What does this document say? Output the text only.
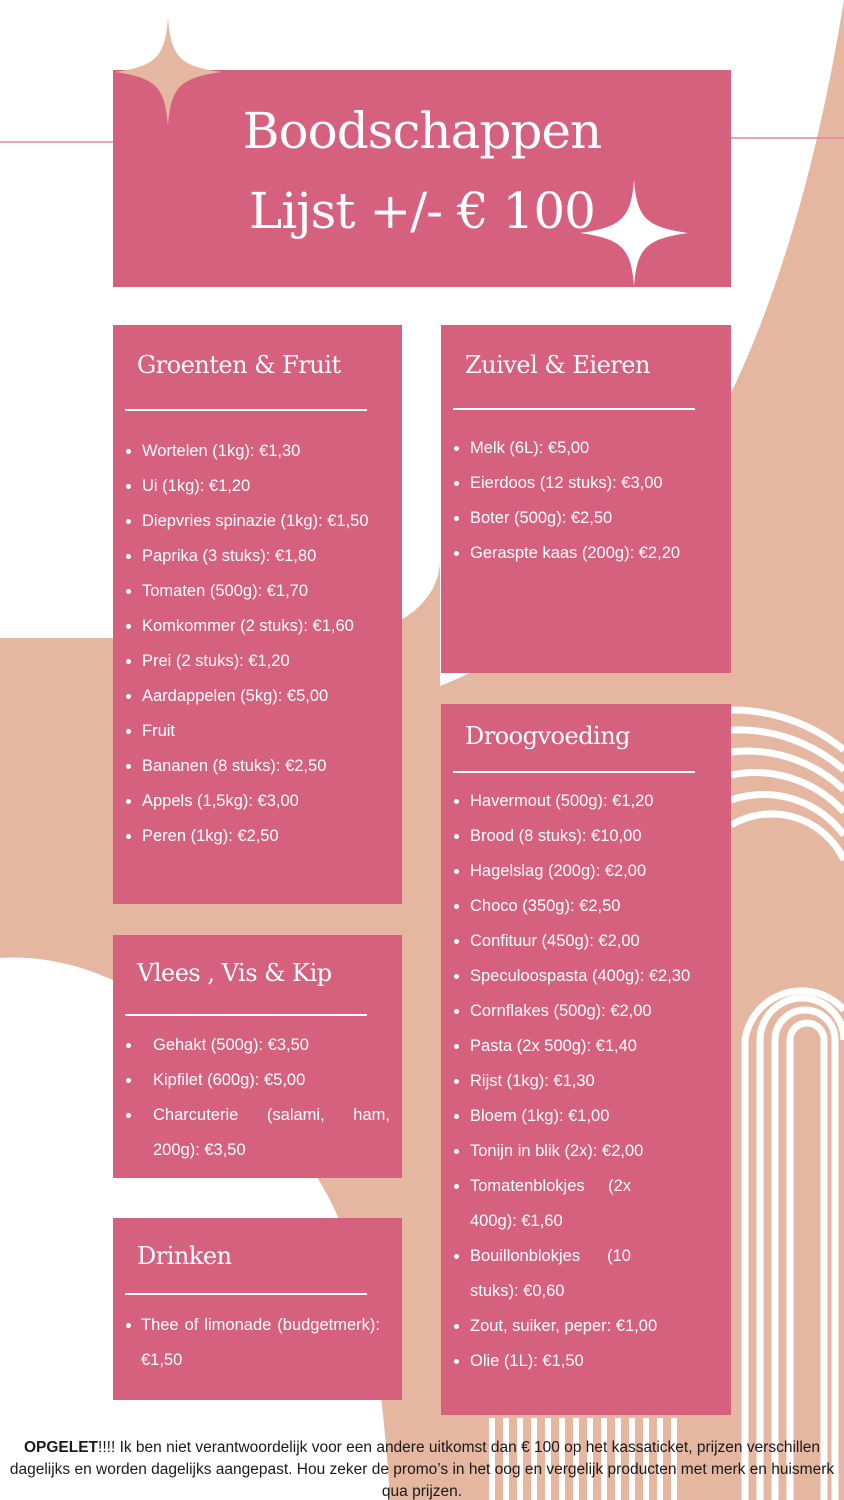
Boodschappen
Lijst +/- € 100
Groenten & Fruit
Wortelen (1kg): €1,30
Ui (1kg): €1,20
Diepvries spinazie (1kg): €1,50
Paprika (3 stuks): €1,80
Tomaten (500g): €1,70
Komkommer (2 stuks): €1,60
Prei (2 stuks): €1,20
Aardappelen (5kg): €5,00
Fruit
Bananen (8 stuks): €2,50
Appels (1,5kg): €3,00
Peren (1kg): €2,50
Zuivel & Eieren
Melk (6L): €5,00
Eierdoos (12 stuks): €3,00
Boter (500g): €2,50
Geraspte kaas (200g): €2,20
Vlees , Vis & Kip
Gehakt (500g): €3,50
Kipfilet (600g): €5,00
Charcuterie (salami, ham, 200g): €3,50
Drinken
Thee of limonade (budgetmerk): €1,50
Droogvoeding
Havermout (500g): €1,20
Brood (8 stuks): €10,00
Hagelslag (200g): €2,00
Choco (350g): €2,50
Confituur (450g): €2,00
Speculoospasta (400g): €2,30
Cornflakes (500g): €2,00
Pasta (2x 500g): €1,40
Rijst (1kg): €1,30
Bloem (1kg): €1,00
Tonijn in blik (2x): €2,00
Tomatenblokjes (2x 400g): €1,60
Bouillonblokjes (10 stuks): €0,60
Zout, suiker, peper: €1,00
Olie (1L): €1,50
OPGELET!!!! Ik ben niet verantwoordelijk voor een andere uitkomst dan € 100 op het kassaticket, prijzen verschillen dagelijks en worden dagelijks aangepast. Hou zeker de promo’s in het oog en vergelijk producten met merk en huismerk qua prijzen.
